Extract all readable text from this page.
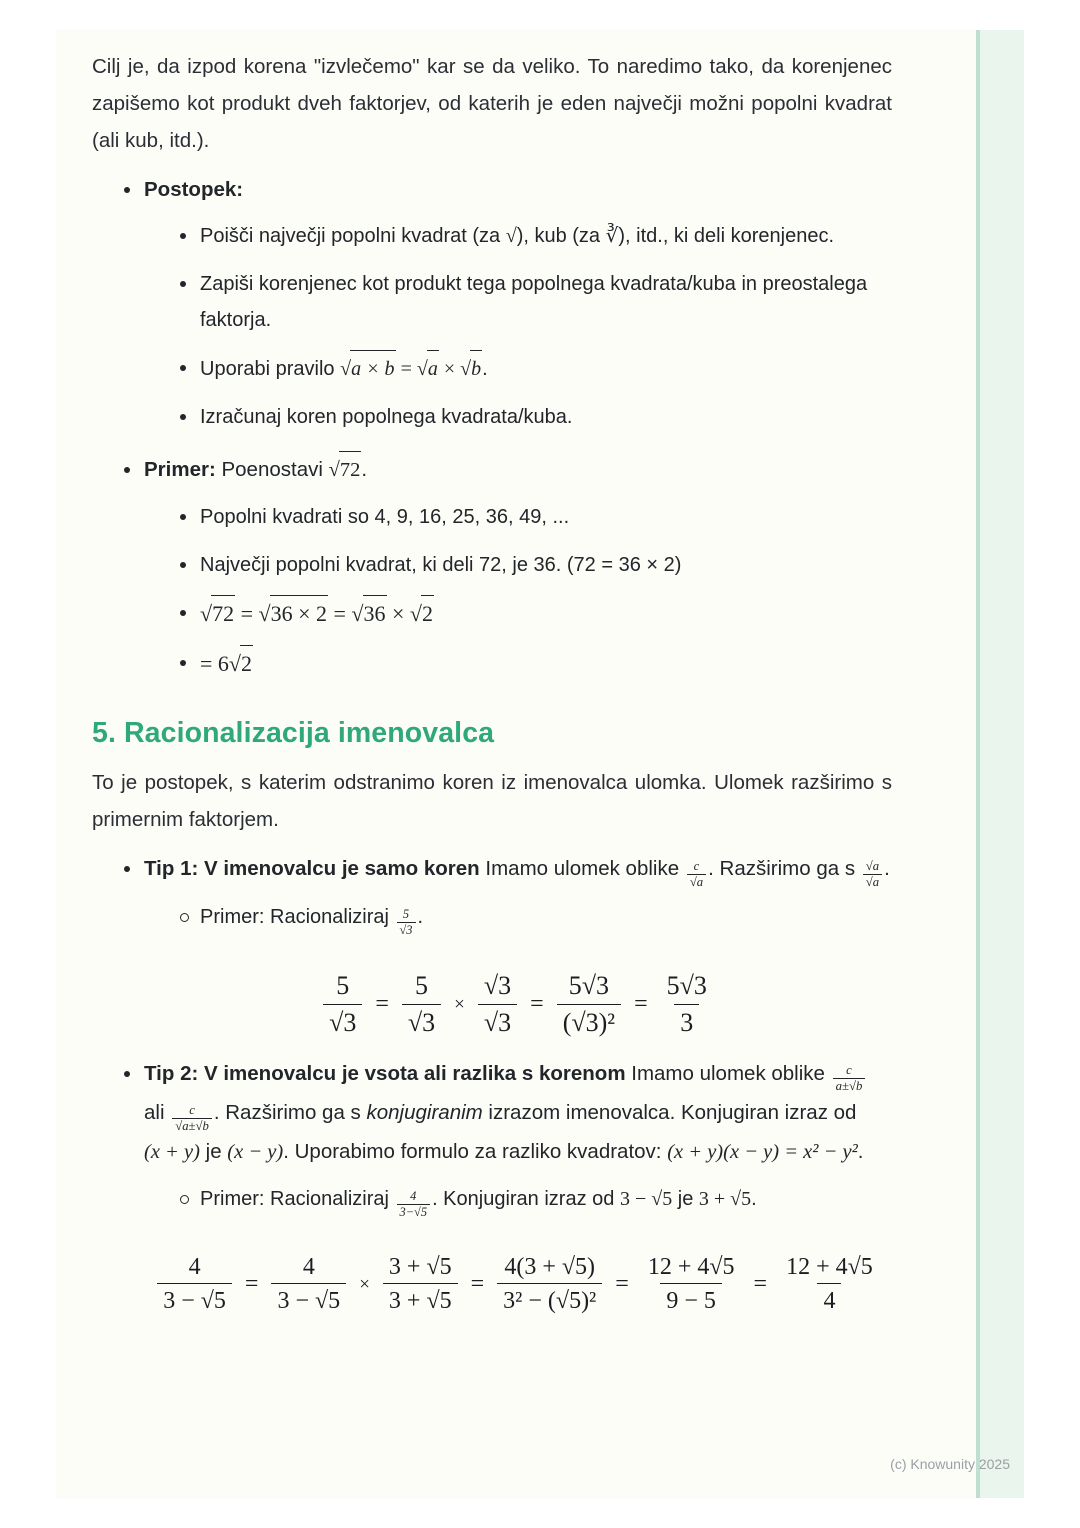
Cilj je, da izpod korena "izvlečemo" kar se da veliko. To naredimo tako, da korenjenec zapišemo kot produkt dveh faktorjev, od katerih je eden največji možni popolni kvadrat (ali kub, itd.).

Postopek:
Poišči največji popolni kvadrat (za √), kub (za ∛), itd., ki deli korenjenec.
Zapiši korenjenec kot produkt tega popolnega kvadrata/kuba in preostalega faktorja.
Uporabi pravilo √a × b = √a × √b.
Izračunaj koren popolnega kvadrata/kuba.
Primer: Poenostavi √72.
Popolni kvadrati so 4, 9, 16, 25, 36, 49, ...
Največji popolni kvadrat, ki deli 72, je 36. (72 = 36 × 2)
√72 = √36 × 2 = √36 × √2
= 6√2
5. Racionalizacija imenovalca

To je postopek, s katerim odstranimo koren iz imenovalca ulomka. Ulomek razširimo s primernim faktorjem.

Tip 1: V imenovalcu je samo koren Imamo ulomek oblike $\frac{c}{√a}$ . Razširimo ga s $\frac{√a}{√a}$ .
Primer: Racionaliziraj $\frac{5}{√3}$ .
$\frac{5}{√3} = \frac{5}{√3} \times \frac{√3}{√3} = \frac{5√3}{\text{(√3)²}} = \frac{5√3}{3}$
Tip 2: V imenovalcu je vsota ali razlika s korenom Imamo ulomek oblike $\frac{c}{a\pm√b}$
ali $\frac{c}{√a\pm√b}$ . Razširimo ga s konjugiranim izrazom imenovalca. Konjugiran izraz od (x + y) je (x − y). Uporabimo formulo za razliko kvadratov: (x + y)(x − y) = x² − y².
Primer: Racionaliziraj $\frac{4}{3-√5}$ . Konjugiran izraz od 3 − √5 je 3 + √5.
$\frac{4}{3 - √5} = \frac{4}{3 - √5} \times \frac{3 + √5}{3 + √5} = \frac{4(3 + √5)}{\text{3² − (√5)²}} = \frac{12 + 4√5}{9 - 5} = \frac{12 + 4√5}{4}$
(c) Knowunity 2025
